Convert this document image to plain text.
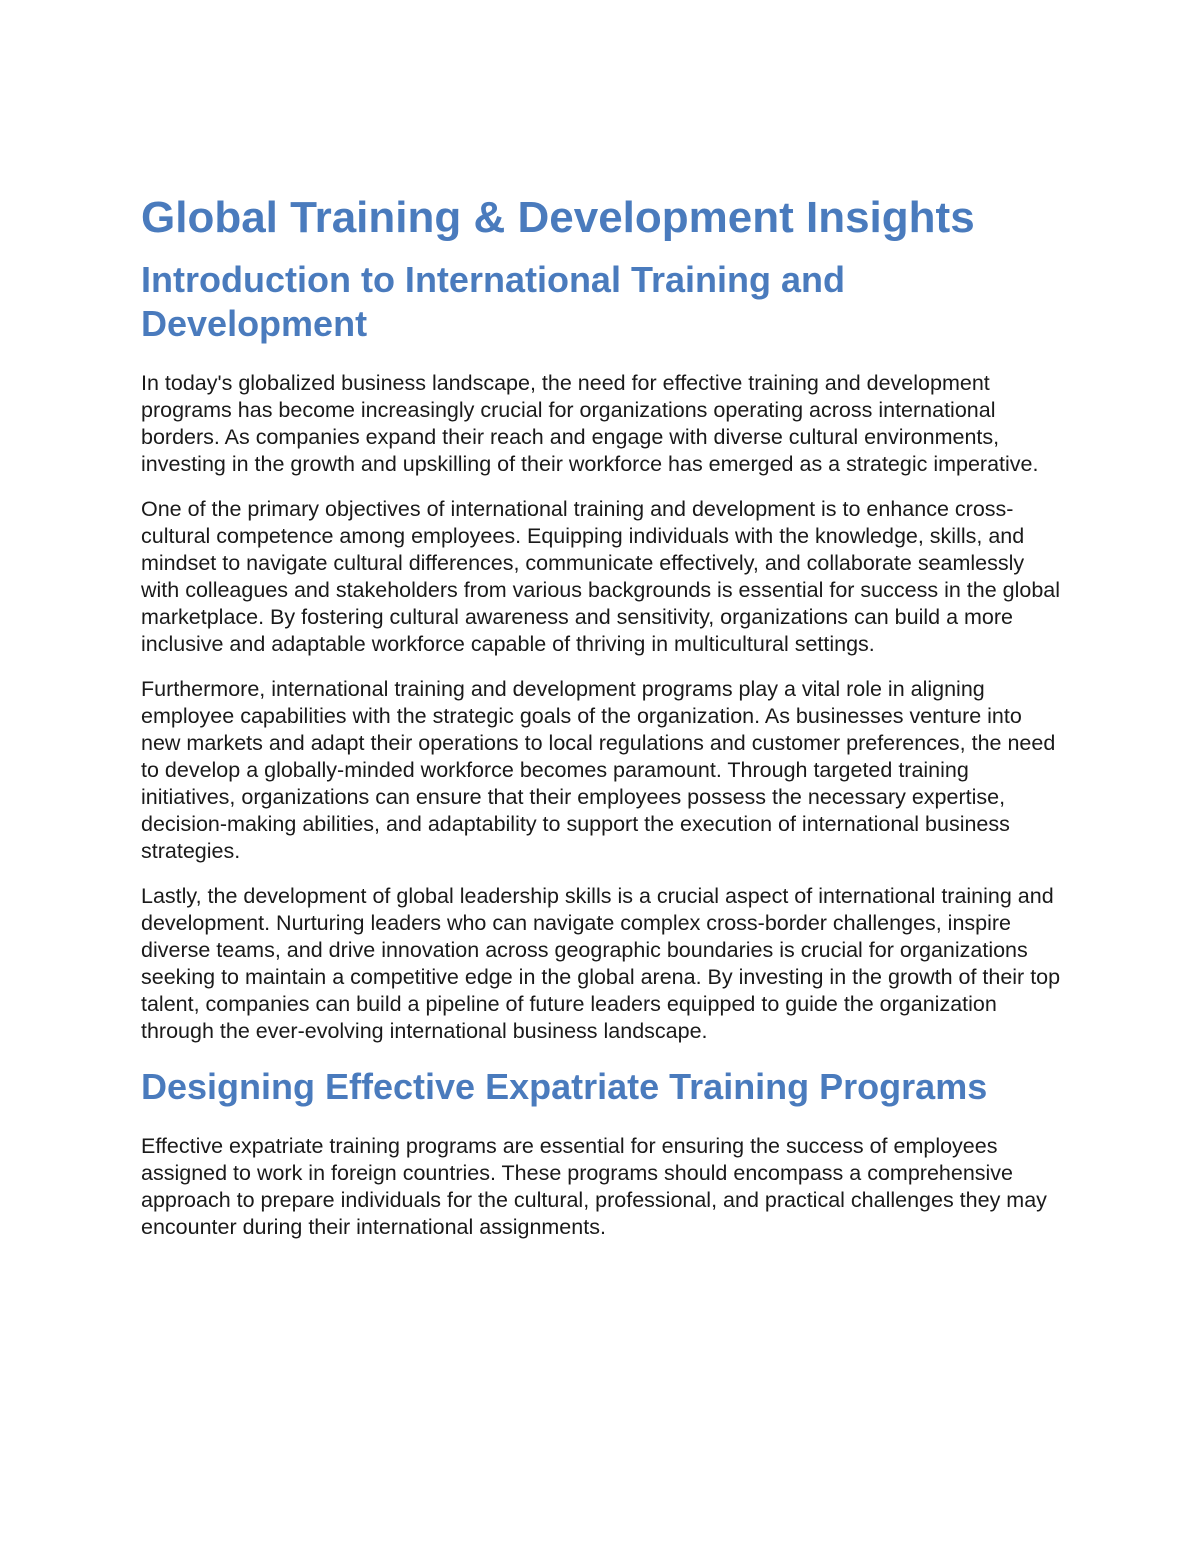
Global Training & Development Insights
Introduction to International Training and Development

In today's globalized business landscape, the need for effective training and development programs has become increasingly crucial for organizations operating across international borders. As companies expand their reach and engage with diverse cultural environments, investing in the growth and upskilling of their workforce has emerged as a strategic imperative.

One of the primary objectives of international training and development is to enhance cross-cultural competence among employees. Equipping individuals with the knowledge, skills, and mindset to navigate cultural differences, communicate effectively, and collaborate seamlessly with colleagues and stakeholders from various backgrounds is essential for success in the global marketplace. By fostering cultural awareness and sensitivity, organizations can build a more inclusive and adaptable workforce capable of thriving in multicultural settings.

Furthermore, international training and development programs play a vital role in aligning employee capabilities with the strategic goals of the organization. As businesses venture into new markets and adapt their operations to local regulations and customer preferences, the need to develop a globally-minded workforce becomes paramount. Through targeted training initiatives, organizations can ensure that their employees possess the necessary expertise, decision-making abilities, and adaptability to support the execution of international business strategies.

Lastly, the development of global leadership skills is a crucial aspect of international training and development. Nurturing leaders who can navigate complex cross-border challenges, inspire diverse teams, and drive innovation across geographic boundaries is crucial for organizations seeking to maintain a competitive edge in the global arena. By investing in the growth of their top talent, companies can build a pipeline of future leaders equipped to guide the organization through the ever-evolving international business landscape.

Designing Effective Expatriate Training Programs

Effective expatriate training programs are essential for ensuring the success of employees assigned to work in foreign countries. These programs should encompass a comprehensive approach to prepare individuals for the cultural, professional, and practical challenges they may encounter during their international assignments.
